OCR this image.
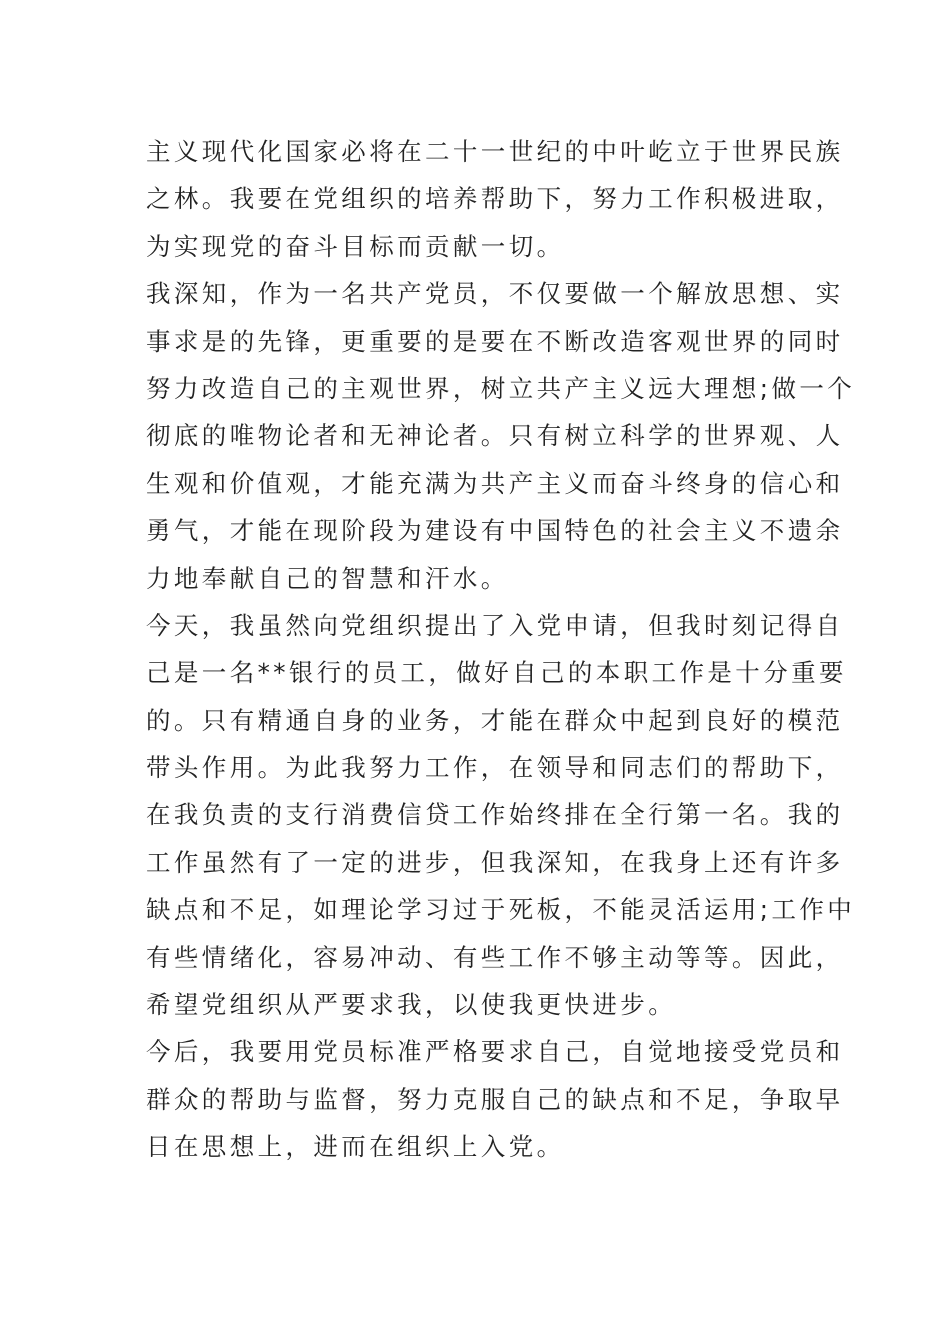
主义现代化国家必将在二十一世纪的中叶屹立于世界民族
之林。我要在党组织的培养帮助下，努力工作积极进取，
为实现党的奋斗目标而贡献一切。
我深知，作为一名共产党员，不仅要做一个解放思想、实
事求是的先锋，更重要的是要在不断改造客观世界的同时
努力改造自己的主观世界，树立共产主义远大理想;做一个
彻底的唯物论者和无神论者。只有树立科学的世界观、人
生观和价值观，才能充满为共产主义而奋斗终身的信心和
勇气，才能在现阶段为建设有中国特色的社会主义不遗余
力地奉献自己的智慧和汗水。
今天，我虽然向党组织提出了入党申请，但我时刻记得自
己是一名**银行的员工，做好自己的本职工作是十分重要
的。只有精通自身的业务，才能在群众中起到良好的模范
带头作用。为此我努力工作，在领导和同志们的帮助下，
在我负责的支行消费信贷工作始终排在全行第一名。我的
工作虽然有了一定的进步，但我深知，在我身上还有许多
缺点和不足，如理论学习过于死板，不能灵活运用;工作中
有些情绪化，容易冲动、有些工作不够主动等等。因此，
希望党组织从严要求我，以使我更快进步。
今后，我要用党员标准严格要求自己，自觉地接受党员和
群众的帮助与监督，努力克服自己的缺点和不足，争取早
日在思想上，进而在组织上入党。
